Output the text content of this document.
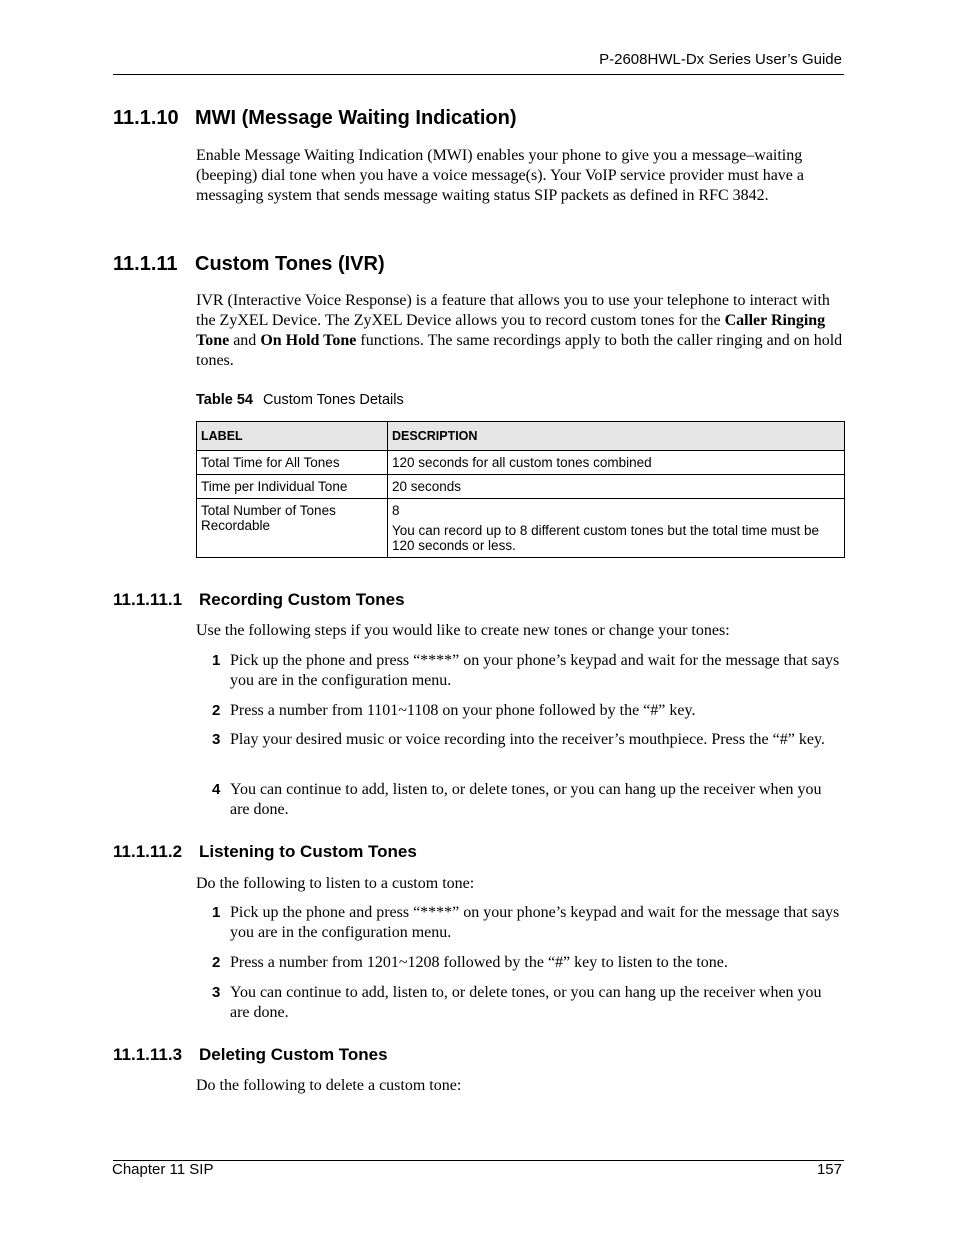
P-2608HWL-Dx Series User’s Guide
11.1.10 MWI (Message Waiting Indication)
Enable Message Waiting Indication (MWI) enables your phone to give you a message–waiting (beeping) dial tone when you have a voice message(s). Your VoIP service provider must have a messaging system that sends message waiting status SIP packets as defined in RFC 3842.
11.1.11 Custom Tones (IVR)
IVR (Interactive Voice Response) is a feature that allows you to use your telephone to interact with the ZyXEL Device. The ZyXEL Device allows you to record custom tones for the Caller Ringing Tone and On Hold Tone functions. The same recordings apply to both the caller ringing and on hold tones.
Table 54 Custom Tones Details
LABEL	DESCRIPTION
Total Time for All Tones	120 seconds for all custom tones combined
Time per Individual Tone	20 seconds
Total Number of Tones Recordable	8
You can record up to 8 different custom tones but the total time must be 120 seconds or less.
11.1.11.1 Recording Custom Tones
Use the following steps if you would like to create new tones or change your tones:
1 Pick up the phone and press “****” on your phone’s keypad and wait for the message that says you are in the configuration menu.
2 Press a number from 1101~1108 on your phone followed by the “#” key.
3 Play your desired music or voice recording into the receiver’s mouthpiece. Press the “#” key.
4 You can continue to add, listen to, or delete tones, or you can hang up the receiver when you are done.
11.1.11.2 Listening to Custom Tones
Do the following to listen to a custom tone:
1 Pick up the phone and press “****” on your phone’s keypad and wait for the message that says you are in the configuration menu.
2 Press a number from 1201~1208 followed by the “#” key to listen to the tone.
3 You can continue to add, listen to, or delete tones, or you can hang up the receiver when you are done.
11.1.11.3 Deleting Custom Tones
Do the following to delete a custom tone:
Chapter 11 SIP	157
